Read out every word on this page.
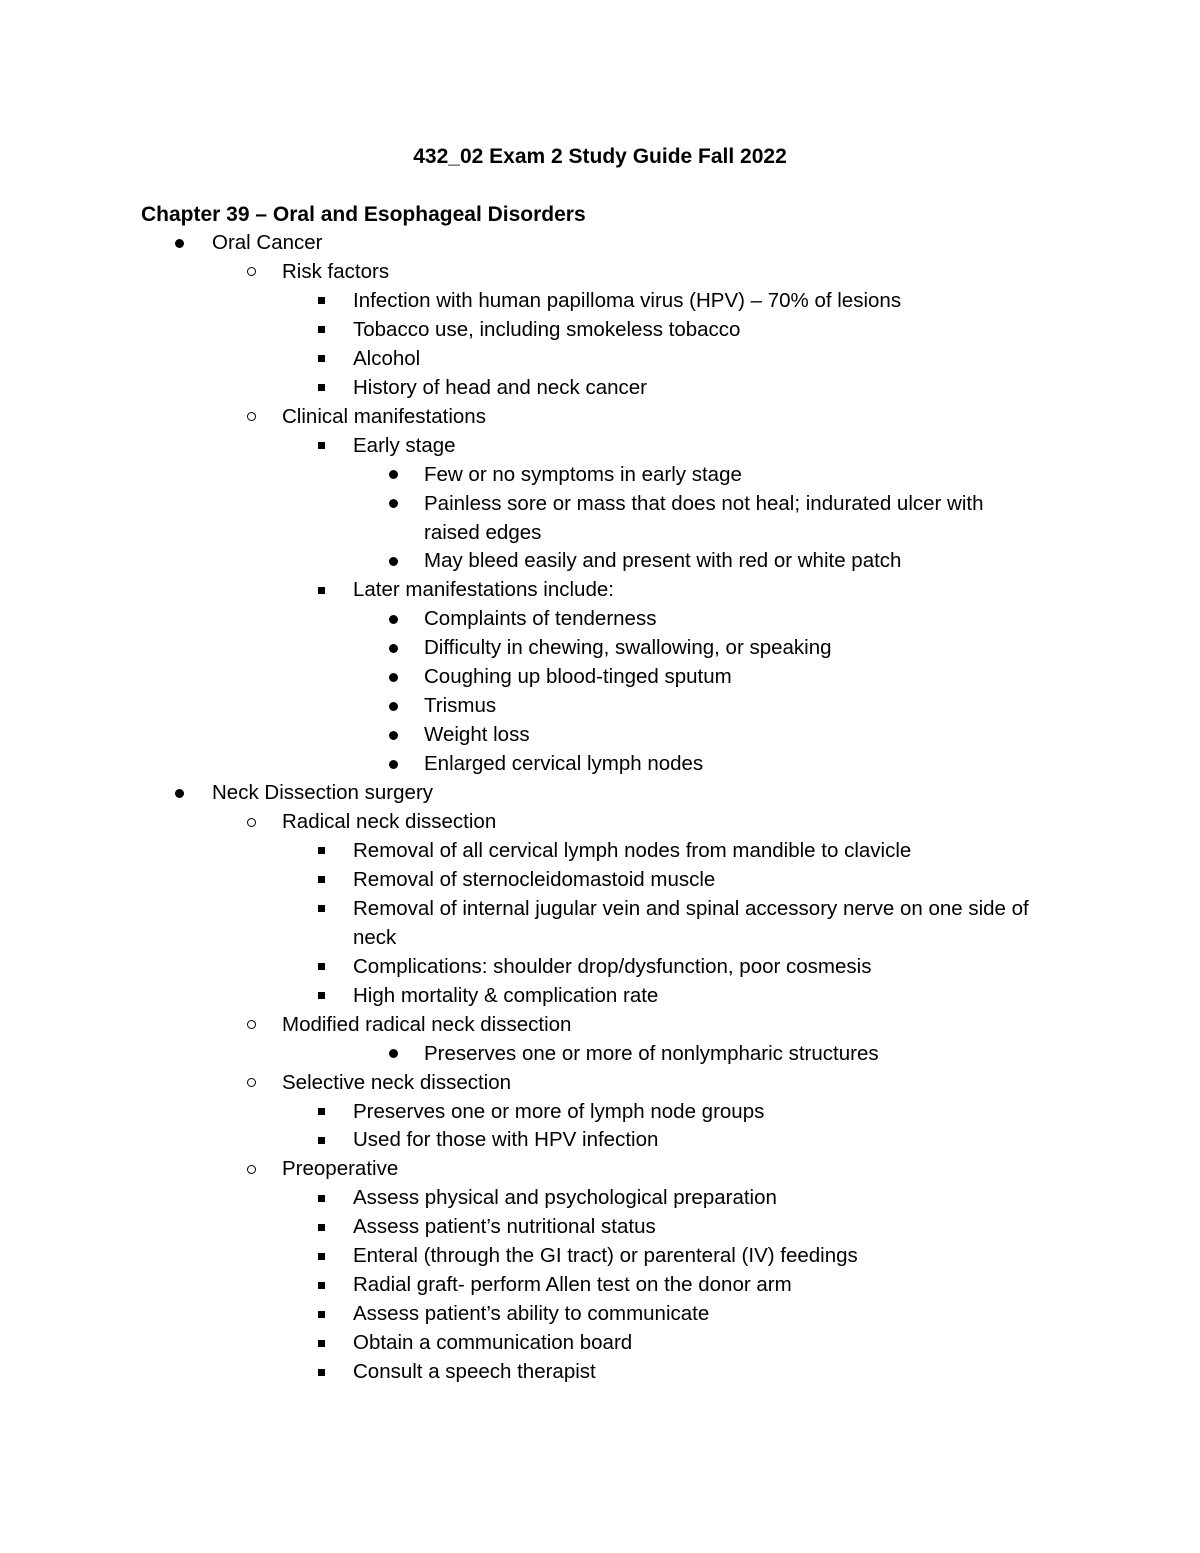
432_02 Exam 2 Study Guide Fall 2022
Chapter 39 – Oral and Esophageal Disorders
Oral Cancer
Risk factors
Infection with human papilloma virus (HPV) – 70% of lesions
Tobacco use, including smokeless tobacco
Alcohol
History of head and neck cancer
Clinical manifestations
Early stage
Few or no symptoms in early stage
Painless sore or mass that does not heal; indurated ulcer with
raised edges
May bleed easily and present with red or white patch
Later manifestations include:
Complaints of tenderness
Difficulty in chewing, swallowing, or speaking
Coughing up blood-tinged sputum
Trismus
Weight loss
Enlarged cervical lymph nodes
Neck Dissection surgery
Radical neck dissection
Removal of all cervical lymph nodes from mandible to clavicle
Removal of sternocleidomastoid muscle
Removal of internal jugular vein and spinal accessory nerve on one side of
neck
Complications: shoulder drop/dysfunction, poor cosmesis
High mortality & complication rate
Modified radical neck dissection
Preserves one or more of nonlympharic structures
Selective neck dissection
Preserves one or more of lymph node groups
Used for those with HPV infection
Preoperative
Assess physical and psychological preparation
Assess patient’s nutritional status
Enteral (through the GI tract) or parenteral (IV) feedings
Radial graft- perform Allen test on the donor arm
Assess patient’s ability to communicate
Obtain a communication board
Consult a speech therapist
